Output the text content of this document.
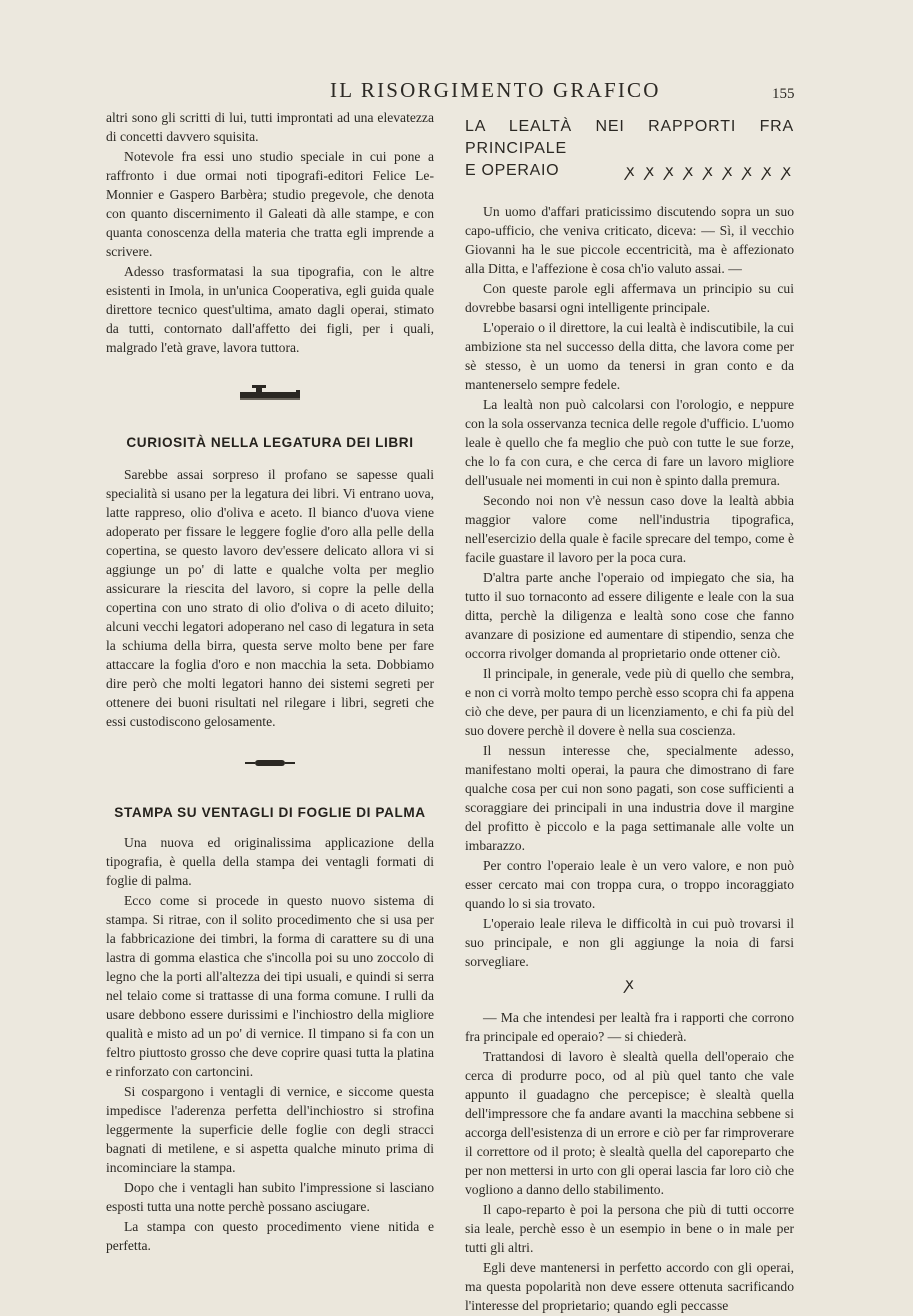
IL RISORGIMENTO GRAFICO	155

altri sono gli scritti di lui, tutti improntati ad una elevatezza di concetti davvero squisita.

Notevole fra essi uno studio speciale in cui pone a raffronto i due ormai noti tipografi-editori Felice Le-Monnier e Gaspero Barbèra; studio pregevole, che denota con quanto discernimento il Galeati dà alle stampe, e con quanta conoscenza della materia che tratta egli imprende a scrivere.

Adesso trasformatasi la sua tipografia, con le altre esistenti in Imola, in un'unica Cooperativa, egli guida quale direttore tecnico quest'ultima, amato dagli operai, stimato da tutti, contornato dall'affetto dei figli, per i quali, malgrado l'età grave, lavora tuttora.

CURIOSITÀ NELLA LEGATURA DEI LIBRI

Sarebbe assai sorpreso il profano se sapesse quali specialità si usano per la legatura dei libri. Vi entrano uova, latte rappreso, olio d'oliva e aceto. Il bianco d'uova viene adoperato per fissare le leggere foglie d'oro alla pelle della copertina, se questo lavoro dev'essere delicato allora vi si aggiunge un po' di latte e qualche volta per meglio assicurare la riescita del lavoro, si copre la pelle della copertina con uno strato di olio d'oliva o di aceto diluito; alcuni vecchi legatori adoperano nel caso di legatura in seta la schiuma della birra, questa serve molto bene per fare attaccare la foglia d'oro e non macchia la seta. Dobbiamo dire però che molti legatori hanno dei sistemi segreti per ottenere dei buoni risultati nel rilegare i libri, segreti che essi custodiscono gelosamente.

STAMPA SU VENTAGLI DI FOGLIE DI PALMA

Una nuova ed originalissima applicazione della tipografia, è quella della stampa dei ventagli formati di foglie di palma.

Ecco come si procede in questo nuovo sistema di stampa. Si ritrae, con il solito procedimento che si usa per la fabbricazione dei timbri, la forma di carattere su di una lastra di gomma elastica che s'incolla poi su uno zoccolo di legno che la porti all'altezza dei tipi usuali, e quindi si serra nel telaio come si trattasse di una forma comune. I rulli da usare debbono essere durissimi e l'inchiostro della migliore qualità e misto ad un po' di vernice. Il timpano si fa con un feltro piuttosto grosso che deve coprire quasi tutta la platina e rinforzato con cartoncini.

Si cospargono i ventagli di vernice, e siccome questa impedisce l'aderenza perfetta dell'inchiostro si strofina leggermente la superficie delle foglie con degli stracci bagnati di metilene, e si aspetta qualche minuto prima di incominciare la stampa.

Dopo che i ventagli han subito l'impressione si lasciano esposti tutta una notte perchè possano asciugare.

La stampa con questo procedimento viene nitida e perfetta.

LA LEALTÀ NEI RAPPORTI FRA PRINCIPALE
E OPERAIO	ꭗ ꭗ ꭗ ꭗ ꭗ ꭗ ꭗ ꭗ ꭗ

Un uomo d'affari praticissimo discutendo sopra un suo capo-ufficio, che veniva criticato, diceva: — Sì, il vecchio Giovanni ha le sue piccole eccentricità, ma è affezionato alla Ditta, e l'affezione è cosa ch'io valuto assai. —

Con queste parole egli affermava un principio su cui dovrebbe basarsi ogni intelligente principale.

L'operaio o il direttore, la cui lealtà è indiscutibile, la cui ambizione sta nel successo della ditta, che lavora come per sè stesso, è un uomo da tenersi in gran conto e da mantenerselo sempre fedele.

La lealtà non può calcolarsi con l'orologio, e neppure con la sola osservanza tecnica delle regole d'ufficio. L'uomo leale è quello che fa meglio che può con tutte le sue forze, che lo fa con cura, e che cerca di fare un lavoro migliore dell'usuale nei momenti in cui non è spinto dalla premura.

Secondo noi non v'è nessun caso dove la lealtà abbia maggior valore come nell'industria tipografica, nell'esercizio della quale è facile sprecare del tempo, come è facile guastare il lavoro per la poca cura.

D'altra parte anche l'operaio od impiegato che sia, ha tutto il suo tornaconto ad essere diligente e leale con la sua ditta, perchè la diligenza e lealtà sono cose che fanno avanzare di posizione ed aumentare di stipendio, senza che occorra rivolger domanda al proprietario onde ottener ciò.

Il principale, in generale, vede più di quello che sembra, e non ci vorrà molto tempo perchè esso scopra chi fa appena ciò che deve, per paura di un licenziamento, e chi fa più del suo dovere perchè il dovere è nella sua coscienza.

Il nessun interesse che, specialmente adesso, manifestano molti operai, la paura che dimostrano di fare qualche cosa per cui non sono pagati, son cose sufficienti a scoraggiare dei principali in una industria dove il margine del profitto è piccolo e la paga settimanale alle volte un imbarazzo.

Per contro l'operaio leale è un vero valore, e non può esser cercato mai con troppa cura, o troppo incoraggiato quando lo si sia trovato.

L'operaio leale rileva le difficoltà in cui può trovarsi il suo principale, e non gli aggiunge la noia di farsi sorvegliare.

ꭗ

— Ma che intendesi per lealtà fra i rapporti che corrono fra principale ed operaio? — si chiederà.

Trattandosi di lavoro è slealtà quella dell'operaio che cerca di produrre poco, od al più quel tanto che vale appunto il guadagno che percepisce; è slealtà quella dell'impressore che fa andare avanti la macchina sebbene si accorga dell'esistenza di un errore e ciò per far rimproverare il correttore od il proto; è slealtà quella del caporeparto che per non mettersi in urto con gli operai lascia far loro ciò che vogliono a danno dello stabilimento.

Il capo-reparto è poi la persona che più di tutti occorre sia leale, perchè esso è un esempio in bene o in male per tutti gli altri.

Egli deve mantenersi in perfetto accordo con gli operai, ma questa popolarità non deve essere ottenuta sacrificando l'interesse del proprietario; quando egli peccasse
